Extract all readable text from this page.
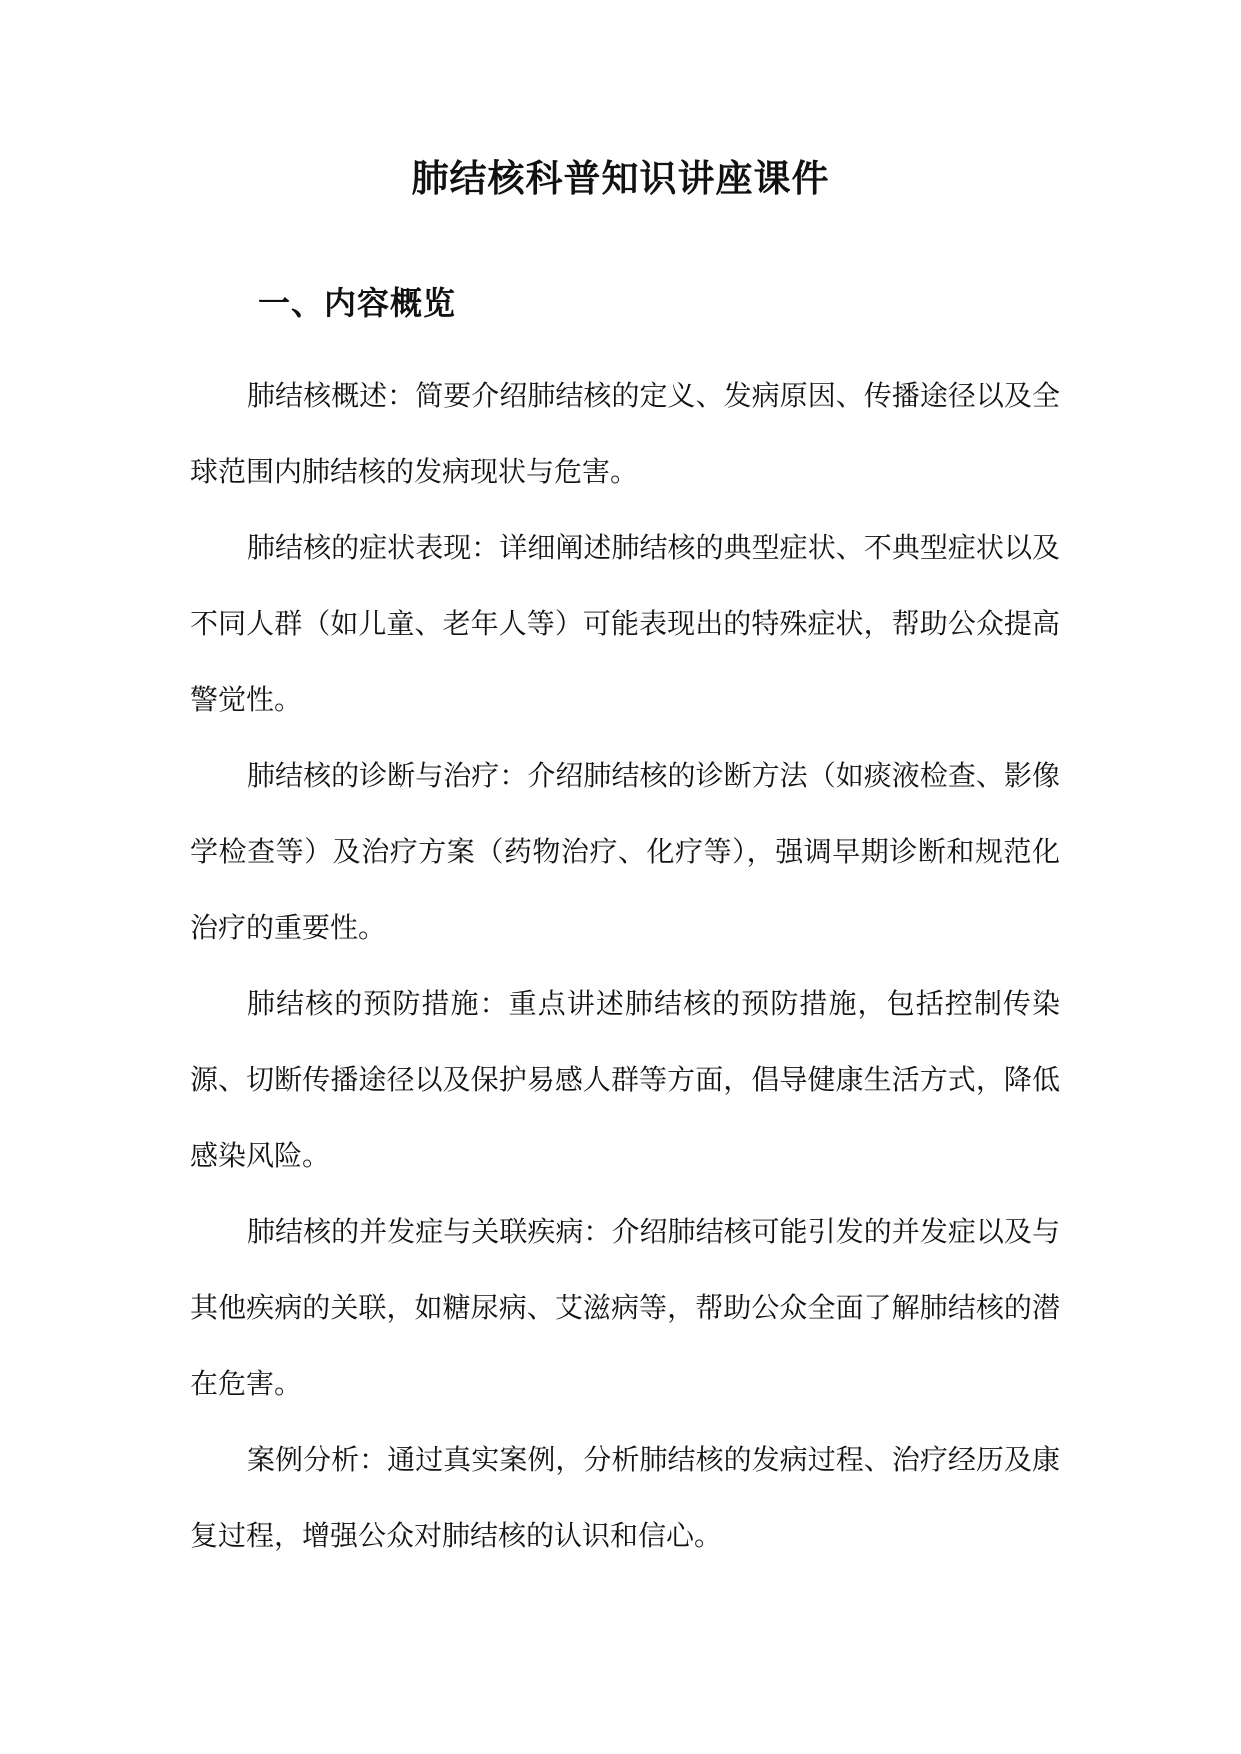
肺结核科普知识讲座课件
一、内容概览

肺结核概述：简要介绍肺结核的定义、发病原因、传播途径以及全球范围内肺结核的发病现状与危害。

肺结核的症状表现：详细阐述肺结核的典型症状、不典型症状以及不同人群（如儿童、老年人等）可能表现出的特殊症状，帮助公众提高警觉性。

肺结核的诊断与治疗：介绍肺结核的诊断方法（如痰液检查、影像学检查等）及治疗方案（药物治疗、化疗等），强调早期诊断和规范化治疗的重要性。

肺结核的预防措施：重点讲述肺结核的预防措施，包括控制传染源、切断传播途径以及保护易感人群等方面，倡导健康生活方式，降低感染风险。

肺结核的并发症与关联疾病：介绍肺结核可能引发的并发症以及与其他疾病的关联，如糖尿病、艾滋病等，帮助公众全面了解肺结核的潜在危害。

案例分析：通过真实案例，分析肺结核的发病过程、治疗经历及康复过程，增强公众对肺结核的认识和信心。
